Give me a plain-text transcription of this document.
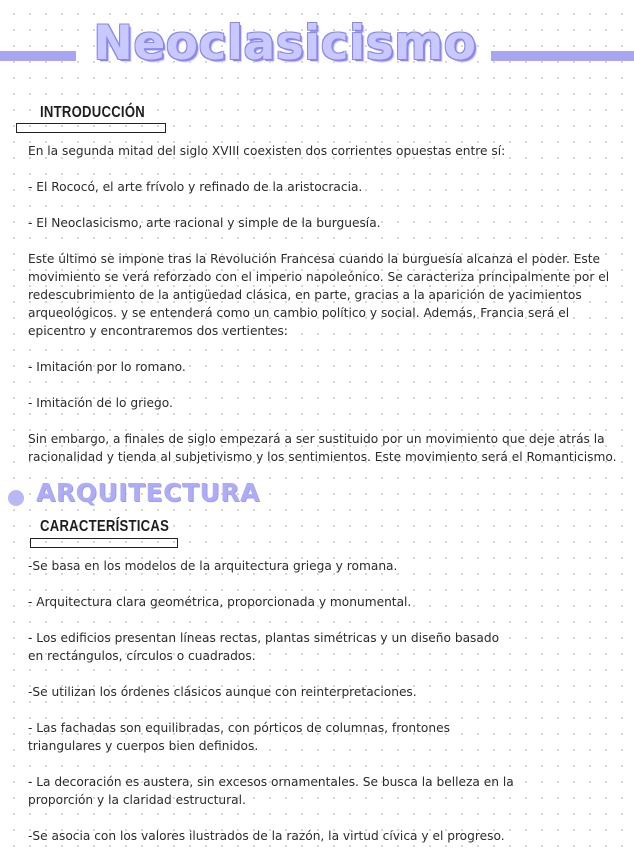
Neoclasicismo
INTRODUCCIÓN

En la segunda mitad del siglo XVIII coexisten dos corrientes opuestas entre sí:

- El Rococó, el arte frívolo y refinado de la aristocracia.

- El Neoclasicismo, arte racional y simple de la burguesía.

Este último se impone tras la Revolución Francesa cuando la burguesía alcanza el poder. Este movimiento se verá reforzado con el imperio napoleónico. Se caracteriza principalmente por el redescubrimiento de la antigüedad clásica, en parte, gracias a la aparición de yacimientos arqueológicos. y se entenderá como un cambio político y social. Además, Francia será el epicentro y encontraremos dos vertientes:

- Imitación por lo romano.

- Imitación de lo griego.

Sin embargo, a finales de siglo empezará a ser sustituido por un movimiento que deje atrás la racionalidad y tienda al subjetivismo y los sentimientos. Este movimiento será el Romanticismo.

ARQUITECTURA
CARACTERÍSTICAS

-Se basa en los modelos de la arquitectura griega y romana.

- Arquitectura clara geométrica, proporcionada y monumental.

- Los edificios presentan líneas rectas, plantas simétricas y un diseño basado en rectángulos, círculos o cuadrados.

-Se utilizan los órdenes clásicos aunque con reinterpretaciones.

- Las fachadas son equilibradas, con pórticos de columnas, frontones triangulares y cuerpos bien definidos.

- La decoración es austera, sin excesos ornamentales. Se busca la belleza en la proporción y la claridad estructural.

-Se asocia con los valores ilustrados de la razón, la virtud cívica y el progreso.
